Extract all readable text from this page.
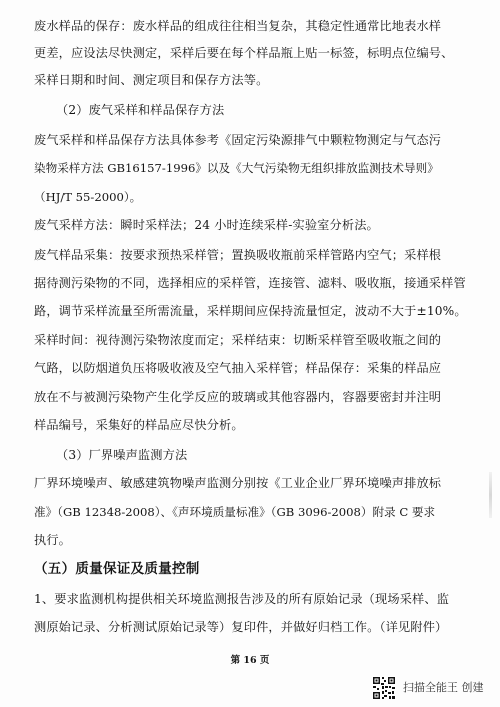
废水样品的保存：废水样品的组成往往相当复杂，其稳定性通常比地表水样
更差，应设法尽快测定，采样后要在每个样品瓶上贴一标签，标明点位编号、
采样日期和时间、测定项目和保存方法等。
（2）废气采样和样品保存方法
废气采样和样品保存方法具体参考《固定污染源排气中颗粒物测定与气态污
染物采样方法 GB16157-1996》以及《大气污染物无组织排放监测技术导则》
（HJ/T 55-2000）。
废气采样方法：瞬时采样法；24 小时连续采样-实验室分析法。
废气样品采集：按要求预热采样管；置换吸收瓶前采样管路内空气；采样根
据待测污染物的不同，选择相应的采样管，连接管、滤料、吸收瓶，接通采样管
路，调节采样流量至所需流量，采样期间应保持流量恒定，波动不大于±10%。
采样时间：视待测污染物浓度而定；采样结束：切断采样管至吸收瓶之间的
气路，以防烟道负压将吸收液及空气抽入采样管；样品保存：采集的样品应
放在不与被测污染物产生化学反应的玻璃或其他容器内，容器要密封并注明
样品编号，采集好的样品应尽快分析。
（3）厂界噪声监测方法
厂界环境噪声、敏感建筑物噪声监测分别按《工业企业厂界环境噪声排放标
准》（GB 12348-2008）、《声环境质量标准》（GB 3096-2008）附录 C 要求
执行。
（五）质量保证及质量控制
1、要求监测机构提供相关环境监测报告涉及的所有原始记录（现场采样、监
测原始记录、分析测试原始记录等）复印件，并做好归档工作。（详见附件）
第 16 页
扫描全能王 创建
